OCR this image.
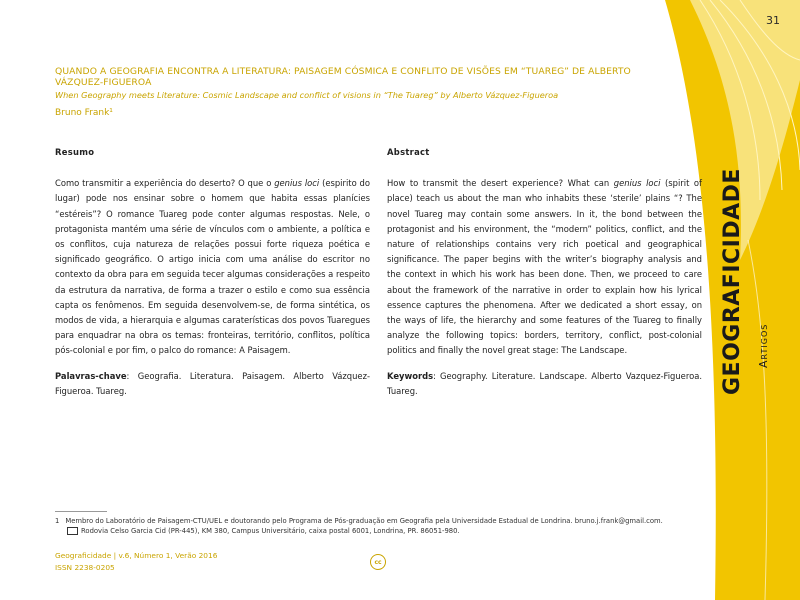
31
GEOGRAFICIDADE	Artigos
QUANDO A GEOGRAFIA ENCONTRA A LITERATURA: PAISAGEM CÓSMICA E CONFLITO DE VISÕES EM “TUAREG” DE ALBERTO VÁZQUEZ-FIGUEROA
When Geography meets Literature: Cosmic Landscape and conflict of visions in “The Tuareg” by Alberto Vázquez-Figueroa
Bruno Frank¹
Resumo

Como transmitir a experiência do deserto? O que o genius loci (espirito do lugar) pode nos ensinar sobre o homem que habita essas planícies “estéreis”? O romance Tuareg pode conter algumas respostas. Nele, o protagonista mantém uma série de vínculos com o ambiente, a política e os conflitos, cuja natureza de relações possui forte riqueza poética e significado geográfico. O artigo inicia com uma análise do escritor no contexto da obra para em seguida tecer algumas considerações a respeito da estrutura da narrativa, de forma a trazer o estilo e como sua essência capta os fenômenos. Em seguida desenvolvem-se, de forma sintética, os modos de vida, a hierarquia e algumas caraterísticas dos povos Tuaregues para enquadrar na obra os temas: fronteiras, território, conflitos, política pós-colonial e por fim, o palco do romance: A Paisagem.

Palavras-chave: Geografia. Literatura. Paisagem. Alberto Vázquez-Figueroa. Tuareg.

Abstract

How to transmit the desert experience? What can genius loci (spirit of place) teach us about the man who inhabits these ‘sterile’ plains “? The novel Tuareg may contain some answers. In it, the bond between the protagonist and his environment, the “modern” politics, conflict, and the nature of relationships contains very rich poetical and geographical significance. The paper begins with the writer’s biography analysis and the context in which his work has been done. Then, we proceed to care about the framework of the narrative in order to explain how his lyrical essence captures the phenomena. After we dedicated a short essay, on the ways of life, the hierarchy and some features of the Tuareg to finally analyze the following topics: borders, territory, conflict, post-colonial politics and finally the novel great stage: The Landscape.

Keywords: Geography. Literature. Landscape. Alberto Vazquez-Figueroa. Tuareg.

1 Membro do Laboratório de Paisagem-CTU/UEL e doutorando pelo Programa de Pós-graduação em Geografia pela Universidade Estadual de Londrina. bruno.j.frank@gmail.com.
Rodovia Celso Garcia Cid (PR-445), KM 380, Campus Universitário, caixa postal 6001, Londrina, PR. 86051-980.
Geograficidade | v.6, Número 1, Verão 2016
ISSN 2238-0205
cc
